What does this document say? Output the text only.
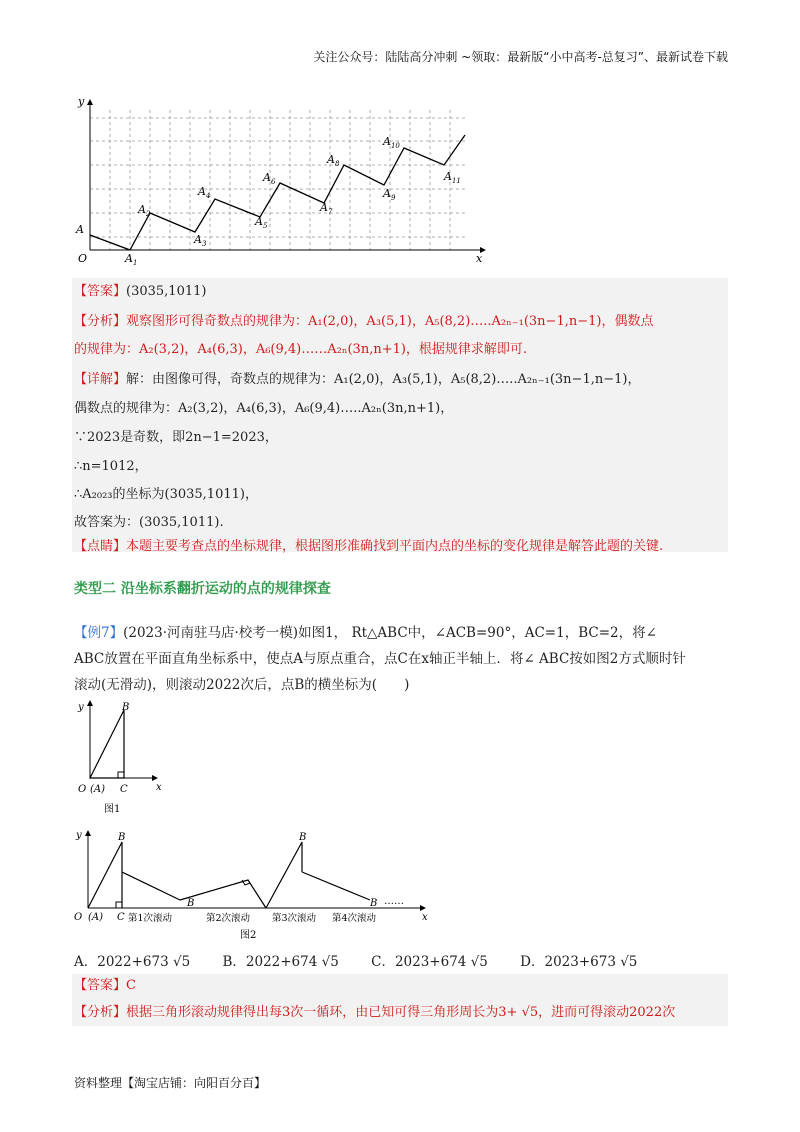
关注公众号：陆陆高分冲刺 ~领取：最新版“小中高考-总复习”、最新试卷下载
y
x
O
A
$A_1$
$A_2$
$A_3$
$A_4$
$A_5$
$A_6$
$A_7$
$A_8$
$A_9$
$A_{10}$
$A_{11}$
【答案】(3035,1011)
【分析】观察图形可得奇数点的规律为：A₁(2,0)，A₃(5,1)，A₅(8,2)…..A₂ₙ₋₁(3n−1,n−1)，偶数点
的规律为：A₂(3,2)，A₄(6,3)，A₆(9,4)……A₂ₙ(3n,n+1)，根据规律求解即可.
【详解】解：由图像可得，奇数点的规律为：A₁(2,0)，A₃(5,1)，A₅(8,2)…..A₂ₙ₋₁(3n−1,n−1)，
偶数点的规律为：A₂(3,2)，A₄(6,3)，A₆(9,4)…..A₂ₙ(3n,n+1)，
∵2023是奇数，即2n−1=2023，
∴n=1012，
∴A₂₀₂₃的坐标为(3035,1011)，
故答案为：(3035,1011).
【点睛】本题主要考查点的坐标规律，根据图形准确找到平面内点的坐标的变化规律是解答此题的关键.
类型二 沿坐标系翻折运动的点的规律探查
【例7】(2023·河南驻马店·校考一模)如图1， Rt△ABC中，∠ACB=90°，AC=1，BC=2，将∠
ABC放置在平面直角坐标系中，使点A与原点重合，点C在x轴正半轴上．将∠ ABC按如图2方式顺时针
滚动(无滑动)，则滚动2022次后，点B的横坐标为(　　)
y
x
O (A) C
B
图1
y
x
O (A) C
B
B
B
B ……
第1次滚动	第2次滚动 第3次滚动 第4次滚动
图2
A．2022+673 √5 B．2022+674 √5 C．2023+674 √5 D．2023+673 √5
【答案】C
【分析】根据三角形滚动规律得出每3次一循环，由已知可得三角形周长为3+ √5，进而可得滚动2022次
资料整理【淘宝店铺：向阳百分百】
